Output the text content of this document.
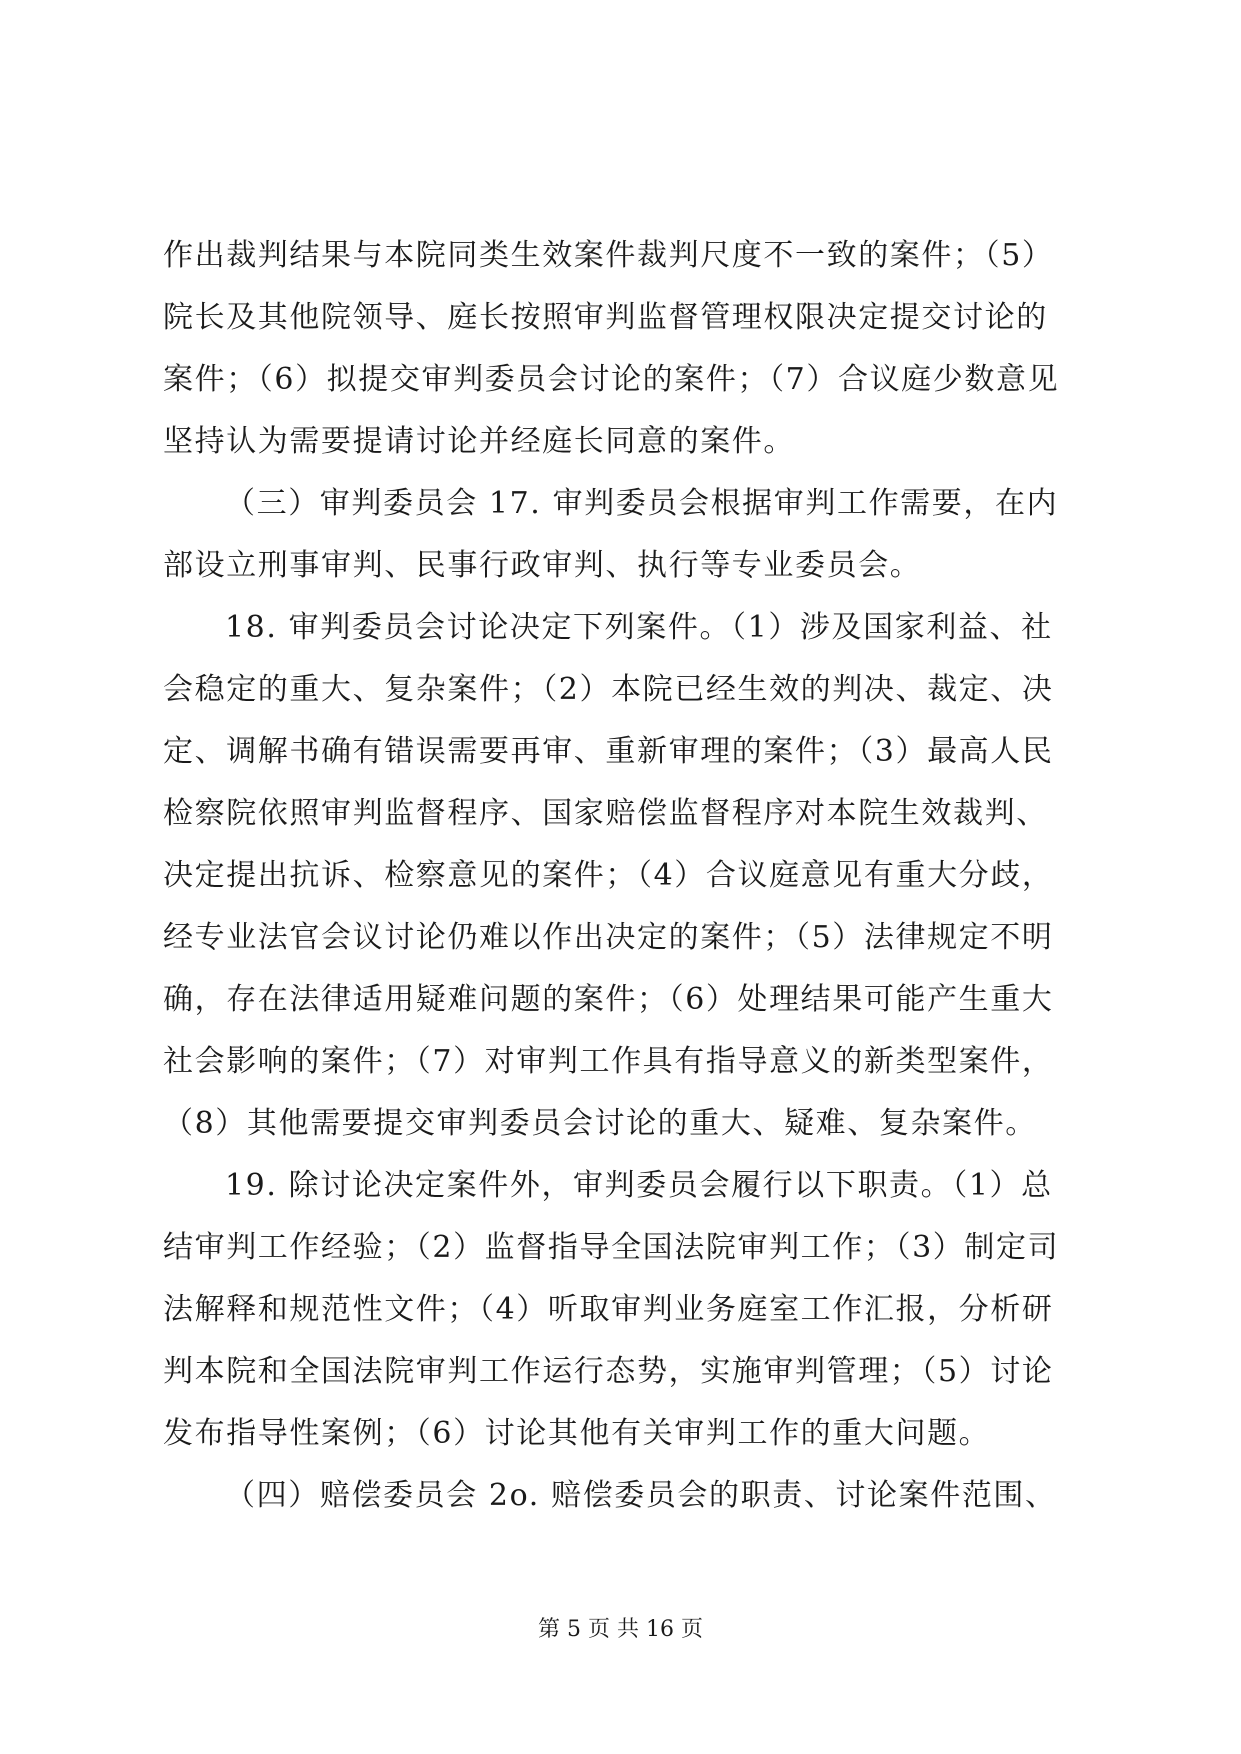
作出裁判结果与本院同类生效案件裁判尺度不一致的案件；（5）
院长及其他院领导、庭长按照审判监督管理权限决定提交讨论的
案件；（6）拟提交审判委员会讨论的案件；（7）合议庭少数意见
坚持认为需要提请讨论并经庭长同意的案件。
（三）审判委员会 17. 审判委员会根据审判工作需要，在内
部设立刑事审判、民事行政审判、执行等专业委员会。
18. 审判委员会讨论决定下列案件。（1）涉及国家利益、社
会稳定的重大、复杂案件；（2）本院已经生效的判决、裁定、决
定、调解书确有错误需要再审、重新审理的案件；（3）最高人民
检察院依照审判监督程序、国家赔偿监督程序对本院生效裁判、
决定提出抗诉、检察意见的案件；（4）合议庭意见有重大分歧，
经专业法官会议讨论仍难以作出决定的案件；（5）法律规定不明
确，存在法律适用疑难问题的案件；（6）处理结果可能产生重大
社会影响的案件；（7）对审判工作具有指导意义的新类型案件，
（8）其他需要提交审判委员会讨论的重大、疑难、复杂案件。
19. 除讨论决定案件外，审判委员会履行以下职责。（1）总
结审判工作经验；（2）监督指导全国法院审判工作；（3）制定司
法解释和规范性文件；（4）听取审判业务庭室工作汇报，分析研
判本院和全国法院审判工作运行态势，实施审判管理；（5）讨论
发布指导性案例；（6）讨论其他有关审判工作的重大问题。
（四）赔偿委员会 2o. 赔偿委员会的职责、讨论案件范围、
第 5 页 共 16 页
